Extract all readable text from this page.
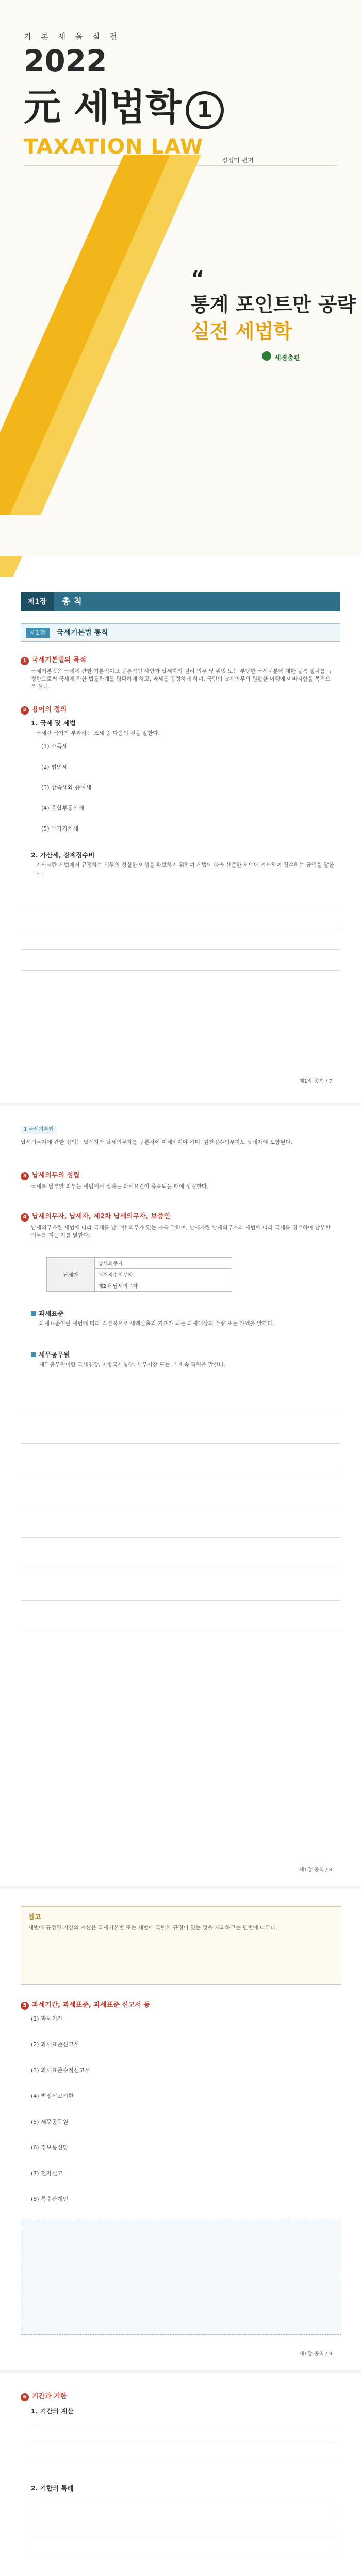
기 본 세 율 실 전
2022
元 세법학 1
TAXATION LAW
정정미 편저
“
통계 포인트만 공략
실전 세법학
세경출판
제1장	총 칙
제1절	국세기본법 통칙
1 국세기본법의 목적
국세기본법은 국세에 관한 기본적이고 공통적인 사항과 납세자의 권리 의무 및 위법 또는 부당한 국세처분에 대한 불복 절차를 규정함으로써 국세에 관한 법률관계를 명확하게 하고, 과세를 공정하게 하며, 국민의 납세의무의 원활한 이행에 이바지함을 목적으로 한다.
2 용어의 정의
1. 국세 및 세법
국세란 국가가 부과하는 조세 중 다음의 것을 말한다.
(1) 소득세
(2) 법인세
(3) 상속세와 증여세
(4) 종합부동산세
(5) 부가가치세
2. 가산세, 강제징수비
가산세란 세법에서 규정하는 의무의 성실한 이행을 확보하기 위하여 세법에 따라 산출한 세액에 가산하여 징수하는 금액을 말한다.
제1장 총칙 / 7
1 국세기본법
납세의무자에 관한 정의는 납세자와 납세의무자를 구분하여 이해하여야 하며, 원천징수의무자도 납세자에 포함된다.
3 납세의무의 성립
국세를 납부할 의무는 세법에서 정하는 과세요건이 충족되는 때에 성립한다.
4 납세의무자, 납세자, 제2차 납세의무자, 보증인
납세의무자란 세법에 따라 국세를 납부할 의무가 있는 자를 말하며, 납세자란 납세의무자와 세법에 따라 국세를 징수하여 납부할 의무를 지는 자를 말한다.
납세자	납세의무자
원천징수의무자
제2차 납세의무자
과세표준
과세표준이란 세법에 따라 직접적으로 세액산출의 기초가 되는 과세대상의 수량 또는 가액을 말한다.
세무공무원
세무공무원이란 국세청장, 지방국세청장, 세무서장 또는 그 소속 직원을 말한다.
제1장 총칙 / 8
참고
세법에 규정된 기간의 계산은 국세기본법 또는 세법에 특별한 규정이 있는 것을 제외하고는 민법에 따른다.
5 과세기간, 과세표준, 과세표준 신고서 등
(1) 과세기간
(2) 과세표준신고서
(3) 과세표준수정신고서
(4) 법정신고기한
(5) 세무공무원
(6) 정보통신망
(7) 전자신고
(8) 특수관계인
제1장 총칙 / 9
6 기간과 기한
1. 기간의 계산
2. 기한의 특례
